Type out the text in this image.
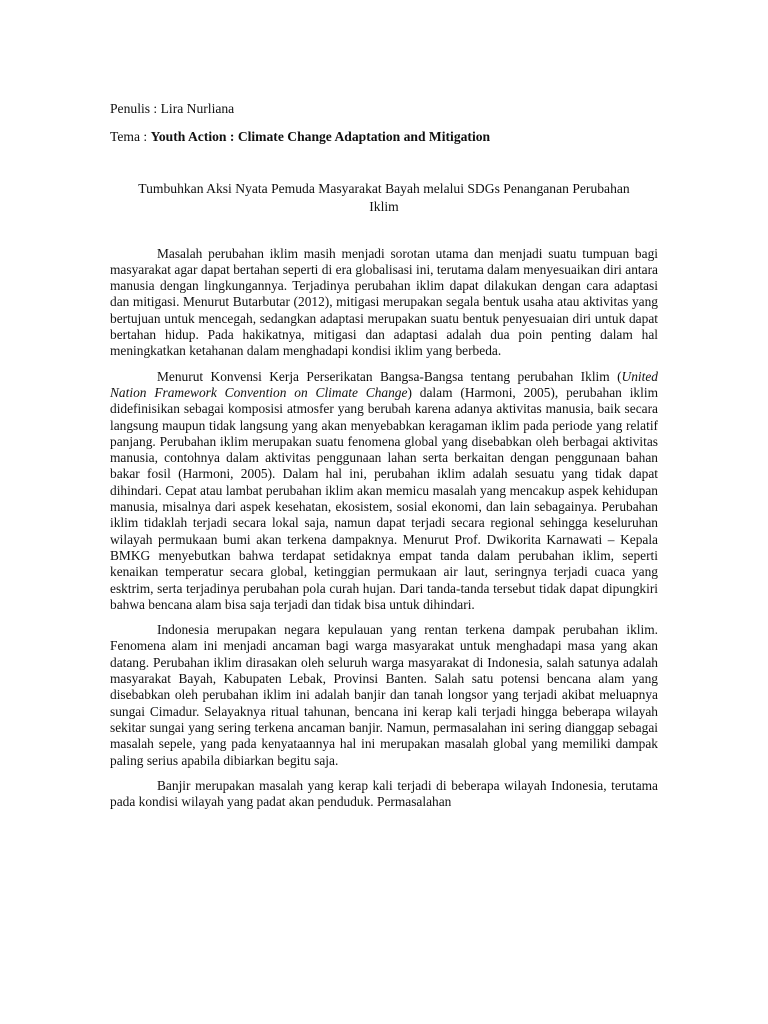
Penulis : Lira Nurliana

Tema : Youth Action : Climate Change Adaptation and Mitigation

Tumbuhkan Aksi Nyata Pemuda Masyarakat Bayah melalui SDGs Penanganan Perubahan Iklim

Masalah perubahan iklim masih menjadi sorotan utama dan menjadi suatu tumpuan bagi masyarakat agar dapat bertahan seperti di era globalisasi ini, terutama dalam menyesuaikan diri antara manusia dengan lingkungannya. Terjadinya perubahan iklim dapat dilakukan dengan cara adaptasi dan mitigasi. Menurut Butarbutar (2012), mitigasi merupakan segala bentuk usaha atau aktivitas yang bertujuan untuk mencegah, sedangkan adaptasi merupakan suatu bentuk penyesuaian diri untuk dapat bertahan hidup. Pada hakikatnya, mitigasi dan adaptasi adalah dua poin penting dalam hal meningkatkan ketahanan dalam menghadapi kondisi iklim yang berbeda.

Menurut Konvensi Kerja Perserikatan Bangsa-Bangsa tentang perubahan Iklim (United Nation Framework Convention on Climate Change) dalam (Harmoni, 2005), perubahan iklim didefinisikan sebagai komposisi atmosfer yang berubah karena adanya aktivitas manusia, baik secara langsung maupun tidak langsung yang akan menyebabkan keragaman iklim pada periode yang relatif panjang. Perubahan iklim merupakan suatu fenomena global yang disebabkan oleh berbagai aktivitas manusia, contohnya dalam aktivitas penggunaan lahan serta berkaitan dengan penggunaan bahan bakar fosil (Harmoni, 2005). Dalam hal ini, perubahan iklim adalah sesuatu yang tidak dapat dihindari. Cepat atau lambat perubahan iklim akan memicu masalah yang mencakup aspek kehidupan manusia, misalnya dari aspek kesehatan, ekosistem, sosial ekonomi, dan lain sebagainya. Perubahan iklim tidaklah terjadi secara lokal saja, namun dapat terjadi secara regional sehingga keseluruhan wilayah permukaan bumi akan terkena dampaknya. Menurut Prof. Dwikorita Karnawati – Kepala BMKG menyebutkan bahwa terdapat setidaknya empat tanda dalam perubahan iklim, seperti kenaikan temperatur secara global, ketinggian permukaan air laut, seringnya terjadi cuaca yang esktrim, serta terjadinya perubahan pola curah hujan. Dari tanda-tanda tersebut tidak dapat dipungkiri bahwa bencana alam bisa saja terjadi dan tidak bisa untuk dihindari.

Indonesia merupakan negara kepulauan yang rentan terkena dampak perubahan iklim. Fenomena alam ini menjadi ancaman bagi warga masyarakat untuk menghadapi masa yang akan datang. Perubahan iklim dirasakan oleh seluruh warga masyarakat di Indonesia, salah satunya adalah masyarakat Bayah, Kabupaten Lebak, Provinsi Banten. Salah satu potensi bencana alam yang disebabkan oleh perubahan iklim ini adalah banjir dan tanah longsor yang terjadi akibat meluapnya sungai Cimadur. Selayaknya ritual tahunan, bencana ini kerap kali terjadi hingga beberapa wilayah sekitar sungai yang sering terkena ancaman banjir. Namun, permasalahan ini sering dianggap sebagai masalah sepele, yang pada kenyataannya hal ini merupakan masalah global yang memiliki dampak paling serius apabila dibiarkan begitu saja.

Banjir merupakan masalah yang kerap kali terjadi di beberapa wilayah Indonesia, terutama pada kondisi wilayah yang padat akan penduduk. Permasalahan
